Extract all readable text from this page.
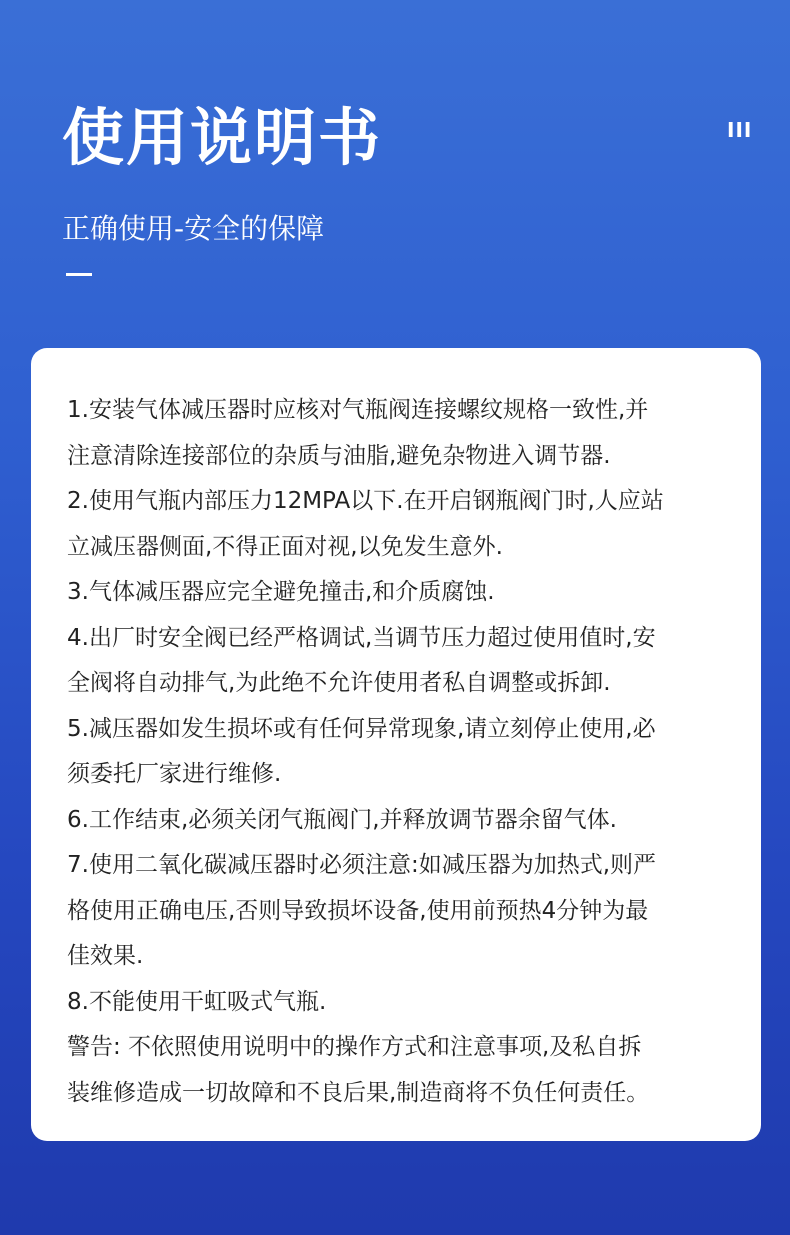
使用说明书	III
正确使用-安全的保障
1.安装气体减压器时应核对气瓶阀连接螺纹规格一致性,并
注意清除连接部位的杂质与油脂,避免杂物进入调节器.
2.使用气瓶内部压力12MPA以下.在开启钢瓶阀门时,人应站
立减压器侧面,不得正面对视,以免发生意外.
3.气体减压器应完全避免撞击,和介质腐蚀.
4.出厂时安全阀已经严格调试,当调节压力超过使用值时,安
全阀将自动排气,为此绝不允许使用者私自调整或拆卸.
5.减压器如发生损坏或有任何异常现象,请立刻停止使用,必
须委托厂家进行维修.
6.工作结束,必须关闭气瓶阀门,并释放调节器余留气体.
7.使用二氧化碳减压器时必须注意:如减压器为加热式,则严
格使用正确电压,否则导致损坏设备,使用前预热4分钟为最
佳效果.
8.不能使用干虹吸式气瓶.
警告: 不依照使用说明中的操作方式和注意事项,及私自拆
装维修造成一切故障和不良后果,制造商将不负任何责任。
